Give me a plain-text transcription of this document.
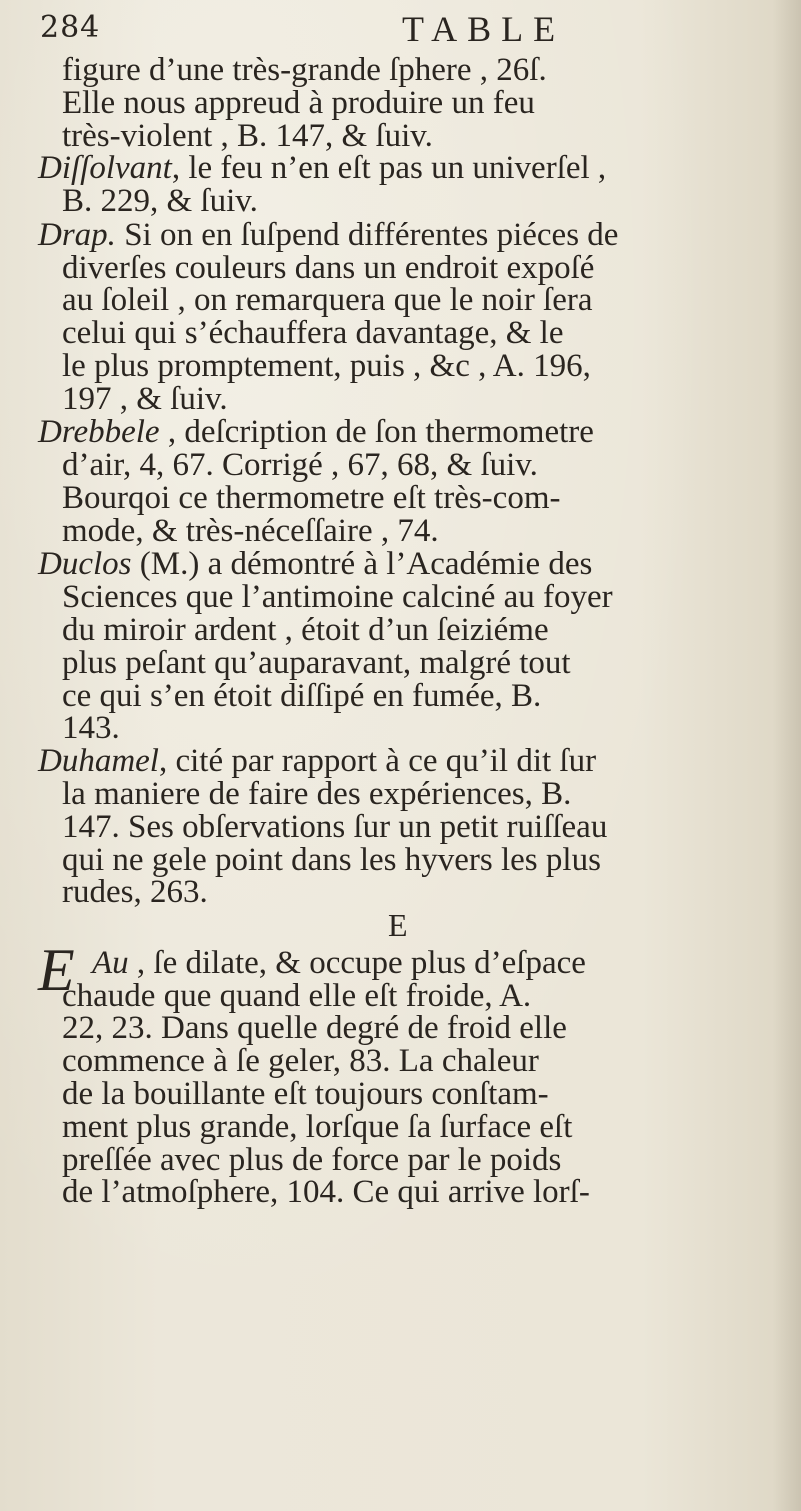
284	TABLE
figure d’une très-grande ſphere , 26ſ.
Elle nous appreud à produire un feu
très-violent , B. 147, & ſuiv.
Diſſolvant, le feu n’en eſt pas un univerſel ,
B. 229, & ſuiv.
Drap. Si on en ſuſpend différentes piéces de
diverſes couleurs dans un endroit expoſé
au ſoleil , on remarquera que le noir ſera
celui qui s’échauffera davantage, & le
le plus promptement, puis , &c , A. 196,
197 , & ſuiv.
Drebbele , deſcription de ſon thermometre
d’air, 4, 67. Corrigé , 67, 68, & ſuiv.
Bourqoi ce thermometre eſt très-com-
mode, & très-néceſſaire , 74.
Duclos (M.) a démontré à l’Académie des
Sciences que l’antimoine calciné au foyer
du miroir ardent , étoit d’un ſeiziéme
plus peſant qu’auparavant, malgré tout
ce qui s’en étoit diſſipé en fumée, B.
143.
E
E Au , ſe dilate, & occupe plus d’eſpace
chaude que quand elle eſt froide, A.
22, 23. Dans quelle degré de froid elle
commence à ſe geler, 83. La chaleur
de la bouillante eſt toujours conſtam-
ment plus grande, lorſque ſa ſurface eſt
preſſée avec plus de force par le poids
de l’atmoſphere, 104. Ce qui arrive lorſ-
Duhamel, cité par rapport à ce qu’il dit ſur
la maniere de faire des expériences, B.
147. Ses obſervations ſur un petit ruiſſeau
qui ne gele point dans les hyvers les plus
rudes, 263.
